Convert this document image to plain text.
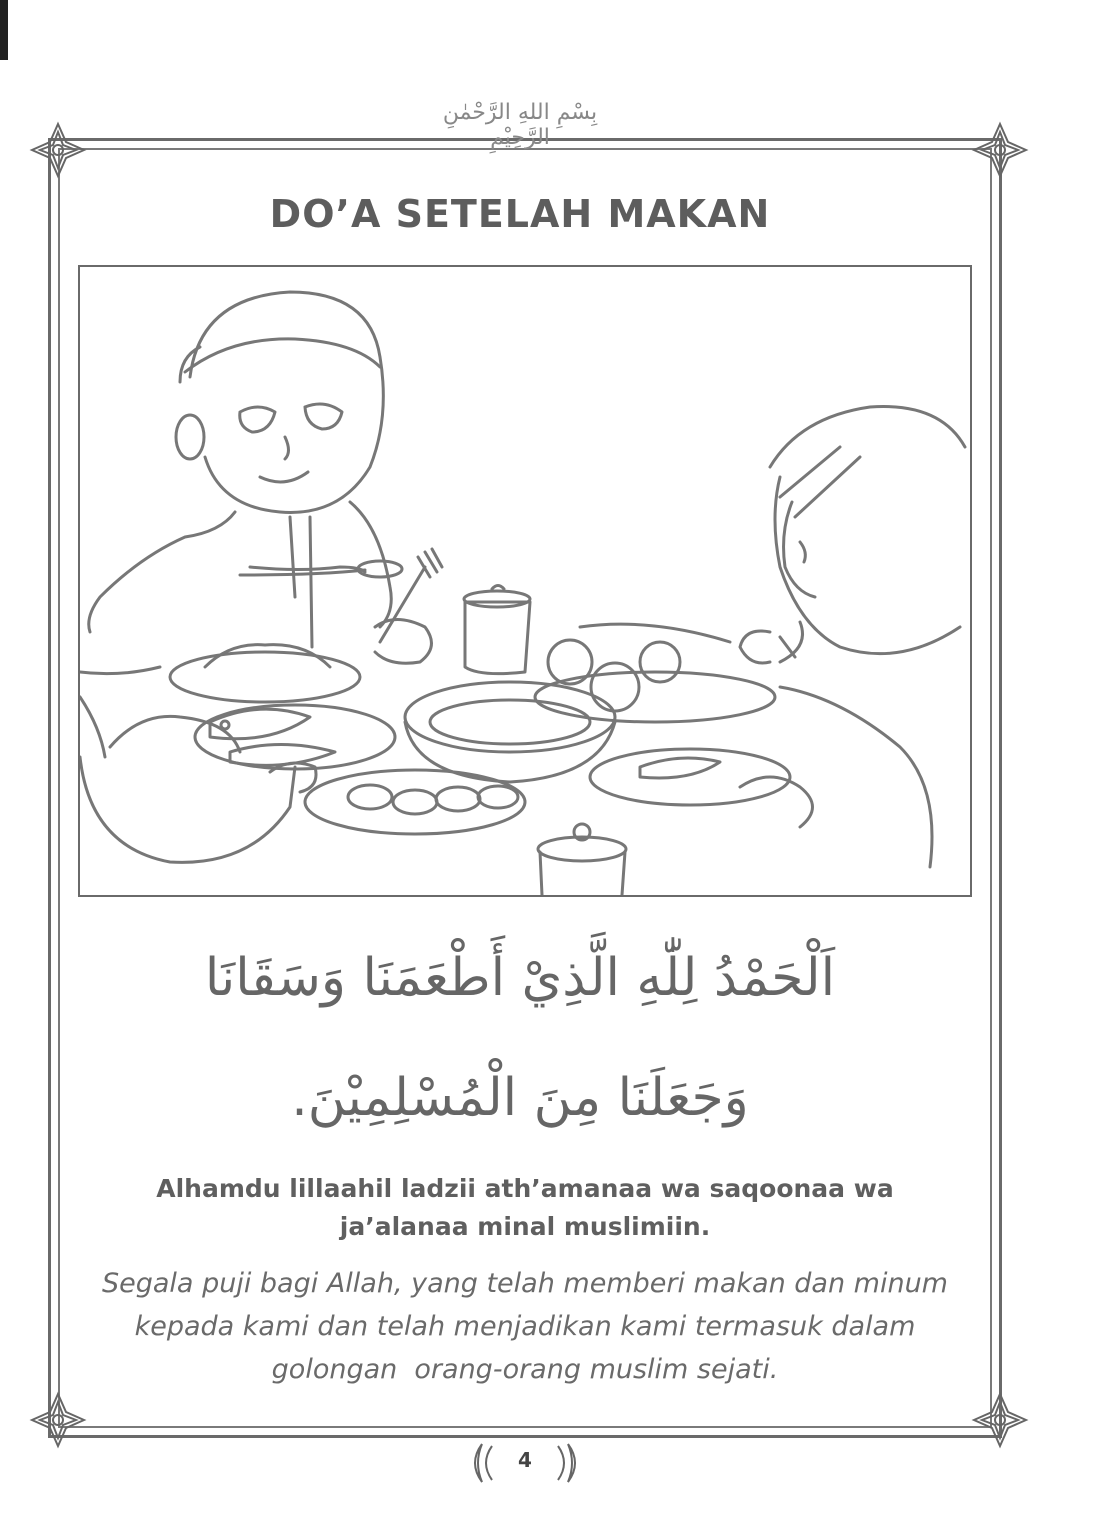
بِسْمِ اللهِ الرَّحْمٰنِ الرَّحِيْمِ
DO’A SETELAH MAKAN
اَلْحَمْدُ لِلّٰهِ الَّذِيْ أَطْعَمَنَا وَسَقَانَا
وَجَعَلَنَا مِنَ الْمُسْلِمِيْنَ.
Alhamdu lillaahil ladzii ath’amanaa wa saqoonaa wa
ja’alanaa minal muslimiin.
Segala puji bagi Allah, yang telah memberi makan dan minum
kepada kami dan telah menjadikan kami termasuk dalam
golongan  orang-orang muslim sejati.
4
